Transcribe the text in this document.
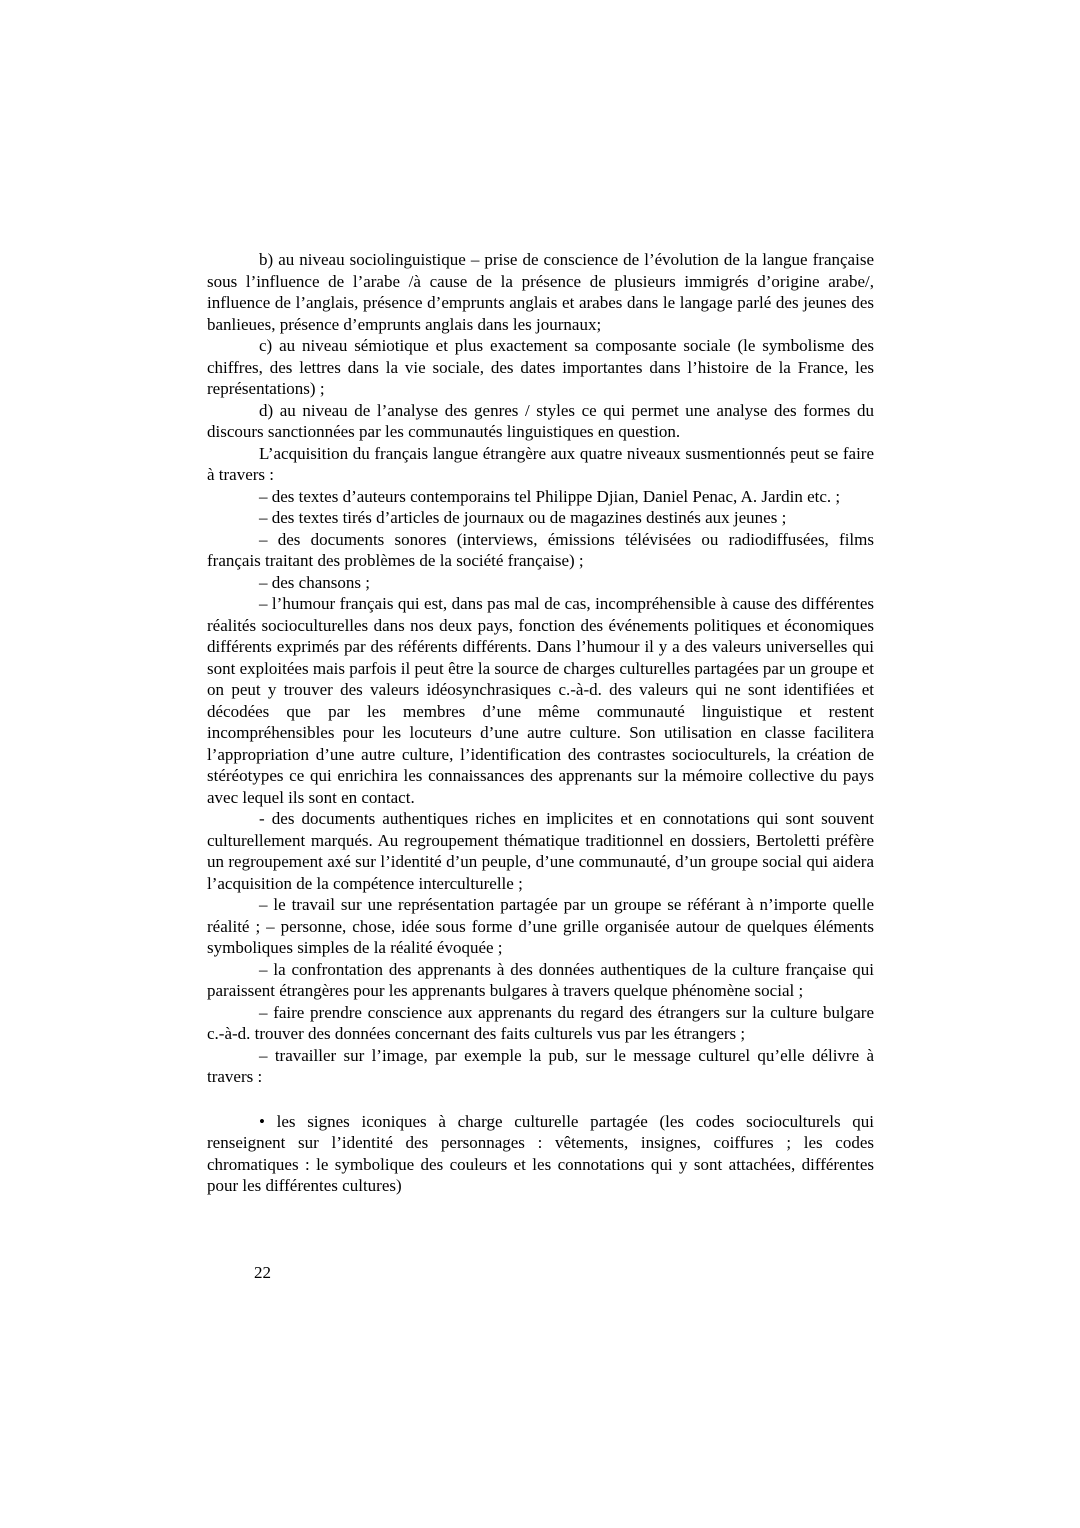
b) au niveau sociolinguistique – prise de conscience de l’évolution de la langue française sous l’influence de l’arabe /à cause de la présence de plusieurs immigrés d’origine arabe/, influence de l’anglais, présence d’emprunts anglais et arabes dans le langage parlé des jeunes des banlieues, présence d’emprunts anglais dans les journaux;

c) au niveau sémiotique et plus exactement sa composante sociale (le symbolisme des chiffres, des lettres dans la vie sociale, des dates importantes dans l’histoire de la France, les représentations) ;

d) au niveau de l’analyse des genres / styles ce qui permet une analyse des formes du discours sanctionnées par les communautés linguistiques en question.

L’acquisition du français langue étrangère aux quatre niveaux susmentionnés peut se faire à travers :

– des textes d’auteurs contemporains tel Philippe Djian, Daniel Penac, A. Jardin etc. ;

– des textes tirés d’articles de journaux ou de magazines destinés aux jeunes ;

– des documents sonores (interviews, émissions télévisées ou radiodiffusées, films français traitant des problèmes de la société française) ;

– des chansons ;

– l’humour français qui est, dans pas mal de cas, incompréhensible à cause des différentes réalités socioculturelles dans nos deux pays, fonction des événements politiques et économiques différents exprimés par des référents différents. Dans l’humour il y a des valeurs universelles qui sont exploitées mais parfois il peut être la source de charges culturelles partagées par un groupe et on peut y trouver des valeurs idéosynchrasiques c.-à-d. des valeurs qui ne sont identifiées et décodées que par les membres d’une même communauté linguistique et restent incompréhensibles pour les locuteurs d’une autre culture. Son utilisation en classe facilitera l’appropriation d’une autre culture, l’identification des contrastes socioculturels, la création de stéréotypes ce qui enrichira les connaissances des apprenants sur la mémoire collective du pays avec lequel ils sont en contact.

- des documents authentiques riches en implicites et en connotations qui sont souvent culturellement marqués. Au regroupement thématique traditionnel en dossiers, Bertoletti préfère un regroupement axé sur l’identité d’un peuple, d’une communauté, d’un groupe social qui aidera l’acquisition de la compétence interculturelle ;

– le travail sur une représentation partagée par un groupe se référant à n’importe quelle réalité ; – personne, chose, idée sous forme d’une grille organisée autour de quelques éléments symboliques simples de la réalité évoquée ;

– la confrontation des apprenants à des données authentiques de la culture française qui paraissent étrangères pour les apprenants bulgares à travers quelque phénomène social ;

– faire prendre conscience aux apprenants du regard des étrangers sur la culture bulgare c.-à-d. trouver des données concernant des faits culturels vus par les étrangers ;

– travailler sur l’image, par exemple la pub, sur le message culturel qu’elle délivre à travers :

• les signes iconiques à charge culturelle partagée (les codes socioculturels qui renseignent sur l’identité des personnages : vêtements, insignes, coiffures ; les codes chromatiques : le symbolique des couleurs et les connotations qui y sont attachées, différentes pour les différentes cultures)

22
